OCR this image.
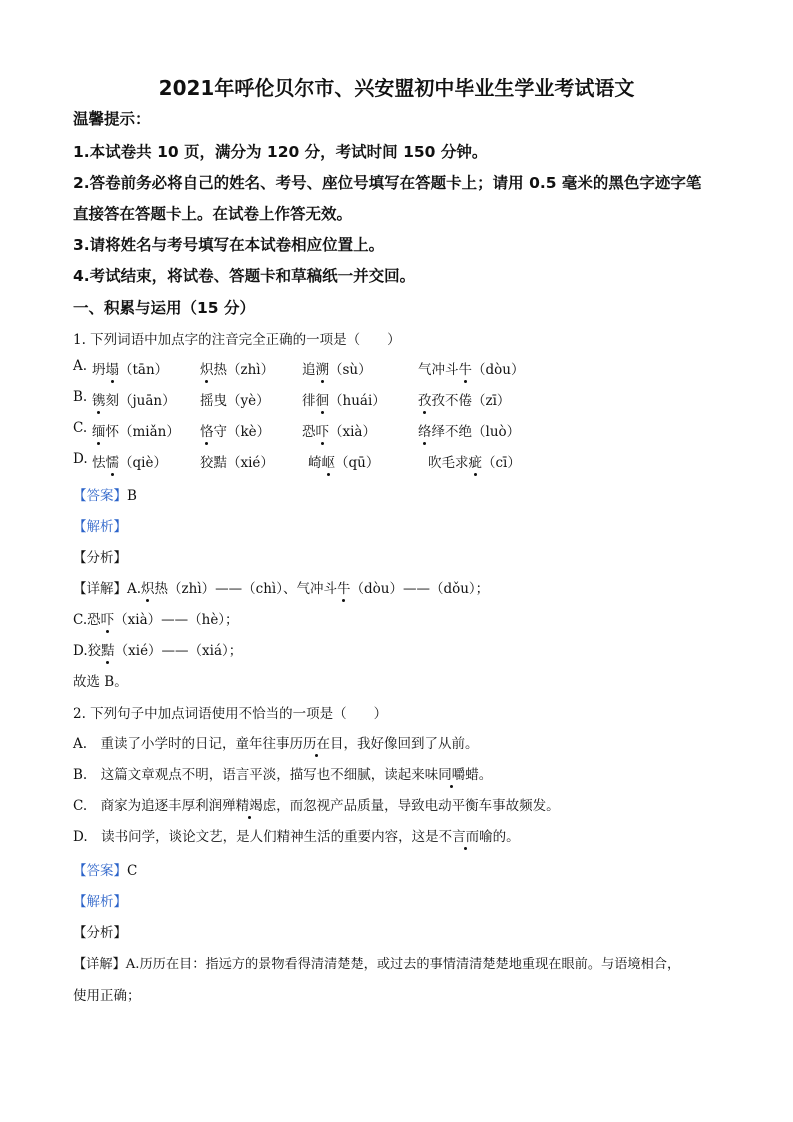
2021年呼伦贝尔市、兴安盟初中毕业生学业考试语文
温馨提示：
1.本试卷共 10 页，满分为 120 分，考试时间 150 分钟。
2.答卷前务必将自己的姓名、考号、座位号填写在答题卡上；请用 0.5 毫米的黑色字迹字笔
直接答在答题卡上。在试卷上作答无效。
3.请将姓名与考号填写在本试卷相应位置上。
4.考试结束，将试卷、答题卡和草稿纸一并交回。
一、积累与运用（15 分）
1. 下列词语中加点字的注音完全正确的一项是（　　）
A. 坍塌（tān） 炽热（zhì） 追溯（sù）	气冲斗牛（dòu）
B. 镌刻（juān） 摇曳（yè） 徘徊（huái） 孜孜不倦（zī）
C. 缅怀（miǎn） 恪守（kè） 恐吓（xià）	络绎不绝（luò）
D. 怯懦（qiè） 狡黠（xié）	崎岖（qū）	吹毛求疵（cī）
【答案】B
【解析】
【分析】
【详解】A.炽热（zhì）——（chì）、气冲斗牛（dòu）——（dǒu）；
C.恐吓（xià）——（hè）；
D.狡黠（xié）——（xiá）；
故选 B。
2. 下列句子中加点词语使用不恰当的一项是（　　）
A.　重读了小学时的日记，童年往事历历在目，我好像回到了从前。
B.　这篇文章观点不明，语言平淡，描写也不细腻，读起来味同嚼蜡。
C.　商家为追逐丰厚利润殚精竭虑，而忽视产品质量，导致电动平衡车事故频发。
D.　读书问学，谈论文艺，是人们精神生活的重要内容，这是不言而喻的。
【答案】C
【解析】
【分析】
【详解】A.历历在目：指远方的景物看得清清楚楚，或过去的事情清清楚楚地重现在眼前。与语境相合，
使用正确；
